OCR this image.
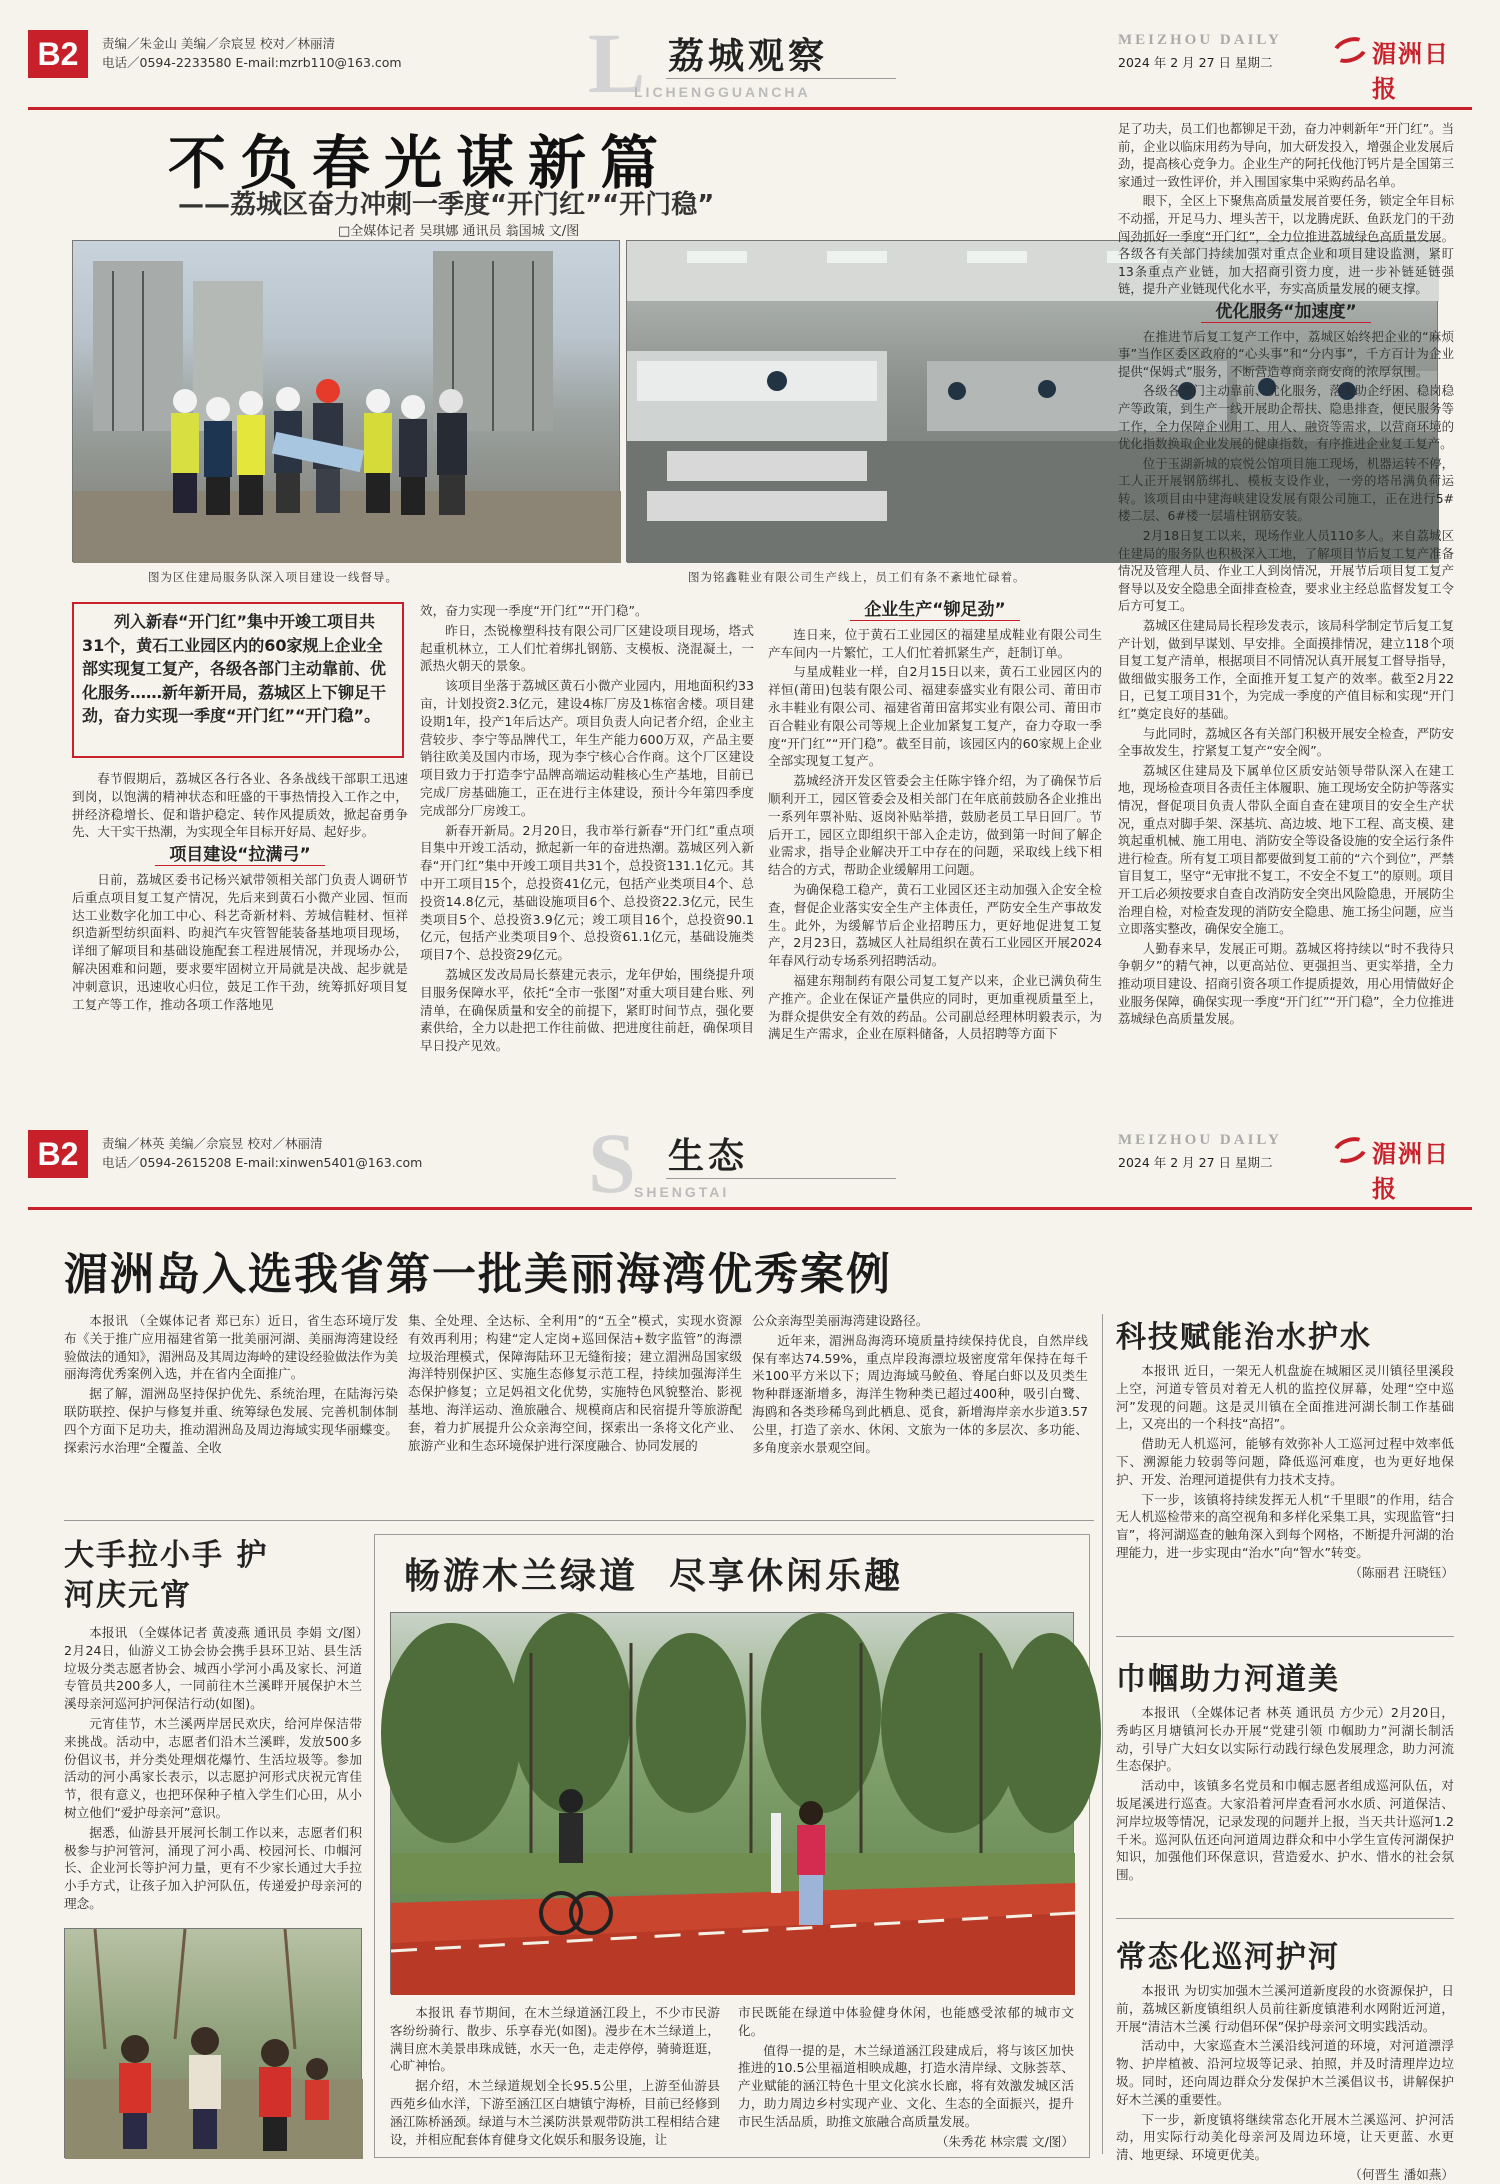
B2	责编／朱金山 美编／佘宸昱 校对／林丽清
电话／0594-2233580 E-mail:mzrb110@163.com L 荔城观察
LICHENGGUANCHA
MEIZHOU DAILY
2024 年 2 月 27 日 星期二	湄洲日报
不负春光谋新篇
——荔城区奋力冲刺一季度“开门红”“开门稳”
□全媒体记者 吴琪娜 通讯员 翁国城 文/图
图为区住建局服务队深入项目建设一线督导。	图为铭鑫鞋业有限公司生产线上，员工们有条不紊地忙碌着。
列入新春“开门红”集中开竣工项目共31个，黄石工业园区内的60家规上企业全部实现复工复产，各级各部门主动靠前、优化服务……新年新开局，荔城区上下铆足干劲，奋力实现一季度“开门红”“开门稳”。

春节假期后，荔城区各行各业、各条战线干部职工迅速到岗，以饱满的精神状态和旺盛的干事热情投入工作之中，拼经济稳增长、促和谐护稳定、转作风提质效，掀起奋勇争先、大干实干热潮，为实现全年目标开好局、起好步。

项目建设“拉满弓”

日前，荔城区委书记杨兴斌带领相关部门负责人调研节后重点项目复工复产情况，先后来到黄石小微产业园、恒而达工业数字化加工中心、科艺奇新材料、芳城信鞋材、恒祥织造新型纺织面料、昀昶汽车灾管智能装备基地项目现场，详细了解项目和基础设施配套工程进展情况，并现场办公，解决困难和问题，要求要牢固树立开局就是决战、起步就是冲刺意识，迅速收心归位，鼓足工作干劲，统筹抓好项目复工复产等工作，推动各项工作落地见

效，奋力实现一季度“开门红”“开门稳”。

昨日，杰锐橡塑科技有限公司厂区建设项目现场，塔式起重机林立，工人们忙着绑扎钢筋、支模板、浇混凝土，一派热火朝天的景象。

该项目坐落于荔城区黄石小微产业园内，用地面积约33亩，计划投资2.3亿元，建设4栋厂房及1栋宿舍楼。项目建设期1年，投产1年后达产。项目负责人向记者介绍，企业主营较步、李宁等品牌代工，年生产能力600万双，产品主要销往欧美及国内市场，现为李宁核心合作商。这个厂区建设项目致力于打造李宁品牌高端运动鞋核心生产基地，目前已完成厂房基础施工，正在进行主体建设，预计今年第四季度完成部分厂房竣工。

新春开新局。2月20日，我市举行新春“开门红”重点项目集中开竣工活动，掀起新一年的奋进热潮。荔城区列入新春“开门红”集中开竣工项目共31个，总投资131.1亿元。其中开工项目15个，总投资41亿元，包括产业类项目4个、总投资14.8亿元，基础设施项目6个、总投资22.3亿元，民生类项目5个、总投资3.9亿元；竣工项目16个，总投资90.1亿元，包括产业类项目9个、总投资61.1亿元，基础设施类项目7个、总投资29亿元。

荔城区发改局局长蔡建元表示，龙年伊始，围绕提升项目服务保障水平，依托“全市一张图”对重大项目建台账、列清单，在确保质量和安全的前提下，紧盯时间节点，强化要素供给，全力以赴把工作往前做、把进度往前赶，确保项目早日投产见效。

企业生产“铆足劲”

连日来，位于黄石工业园区的福建星成鞋业有限公司生产车间内一片繁忙，工人们忙着抓紧生产，赶制订单。

与星成鞋业一样，自2月15日以来，黄石工业园区内的祥恒(莆田)包装有限公司、福建泰盛实业有限公司、莆田市永丰鞋业有限公司、福建省莆田富邦实业有限公司、莆田市百合鞋业有限公司等规上企业加紧复工复产，奋力夺取一季度“开门红”“开门稳”。截至目前，该园区内的60家规上企业全部实现复工复产。

荔城经济开发区管委会主任陈宇锋介绍，为了确保节后顺利开工，园区管委会及相关部门在年底前鼓励各企业推出一系列年票补贴、返岗补贴举措，鼓励老员工早日回厂。节后开工，园区立即组织干部入企走访，做到第一时间了解企业需求，指导企业解决开工中存在的问题，采取线上线下相结合的方式，帮助企业缓解用工问题。

为确保稳工稳产，黄石工业园区还主动加强入企安全检查，督促企业落实安全生产主体责任，严防安全生产事故发生。此外，为缓解节后企业招聘压力，更好地促进复工复产，2月23日，荔城区人社局组织在黄石工业园区开展2024年春风行动专场系列招聘活动。

福建东翔制药有限公司复工复产以来，企业已满负荷生产推产。企业在保证产量供应的同时，更加重视质量至上，为群众提供安全有效的药品。公司副总经理林明毅表示，为满足生产需求，企业在原料储备，人员招聘等方面下

足了功夫，员工们也都铆足干劲，奋力冲刺新年“开门红”。当前，企业以临床用药为导向，加大研发投入，增强企业发展后劲，提高核心竞争力。企业生产的阿托伐他汀钙片是全国第三家通过一致性评价，并入围国家集中采购药品名单。

眼下，全区上下聚焦高质量发展首要任务，锁定全年目标不动摇，开足马力、埋头苦干，以龙腾虎跃、鱼跃龙门的干劲闯劲抓好一季度“开门红”，全力位推进荔城绿色高质量发展。各级各有关部门持续加强对重点企业和项目建设监测，紧盯13条重点产业链，加大招商引资力度，进一步补链延链强链，提升产业链现代化水平，夯实高质量发展的硬支撑。

优化服务“加速度”

在推进节后复工复产工作中，荔城区始终把企业的“麻烦事”当作区委区政府的“心头事”和“分内事”，千方百计为企业提供“保姆式”服务，不断营造尊商亲商安商的浓厚氛围。

各级各部门主动靠前、优化服务，落实助企纾困、稳岗稳产等政策，到生产一线开展助企帮扶、隐患排查，便民服务等工作，全力保障企业用工、用人、融资等需求，以营商环境的优化指数换取企业发展的健康指数，有序推进企业复工复产。

位于玉湖新城的宸悦公馆项目施工现场，机器运转不停，工人正开展钢筋绑扎、模板支设作业，一旁的塔吊满负荷运转。该项目由中建海峡建设发展有限公司施工，正在进行5#楼二层、6#楼一层墙柱钢筋安装。

2月18日复工以来，现场作业人员110多人。来自荔城区住建局的服务队也积极深入工地，了解项目节后复工复产准备情况及管理人员、作业工人到岗情况，开展节后项目复工复产督导以及安全隐患全面排查检查，要求业主经总监督发复工令后方可复工。

荔城区住建局局长程珍发表示，该局科学制定节后复工复产计划，做到早谋划、早安排。全面摸排情况，建立118个项目复工复产清单，根据项目不同情况认真开展复工督导指导，做细做实服务工作，全面推开复工复产的效率。截至2月22日，已复工项目31个，为完成一季度的产值目标和实现“开门红”奠定良好的基础。

与此同时，荔城区各有关部门积极开展安全检查，严防安全事故发生，拧紧复工复产“安全阀”。

荔城区住建局及下属单位区质安站领导带队深入在建工地，现场检查项目各责任主体履职、施工现场安全防护等落实情况，督促项目负责人带队全面自查在建项目的安全生产状况，重点对脚手架、深基坑、高边坡、地下工程、高支模、建筑起重机械、施工用电、消防安全等设备设施的安全运行条件进行检查。所有复工项目都要做到复工前的“六个到位”，严禁盲目复工，坚守“无审批不复工，不安全不复工”的原则。项目开工后必须按要求自查自改消防安全突出风险隐患，开展防尘治理自检，对检查发现的消防安全隐患、施工扬尘问题，应当立即落实整改，确保安全施工。

人勤春来早，发展正可期。荔城区将持续以“时不我待只争朝夕”的精气神，以更高站位、更强担当、更实举措，全力推动项目建设、招商引资各项工作提质提效，用心用情做好企业服务保障，确保实现一季度“开门红”“开门稳”，全力位推进荔城绿色高质量发展。

B2	责编／林英 美编／佘宸昱 校对／林丽清
电话／0594-2615208 E-mail:xinwen5401@163.com S 生态
SHENGTAI
MEIZHOU DAILY
2024 年 2 月 27 日 星期二	湄洲日报
湄洲岛入选我省第一批美丽海湾优秀案例

本报讯 （全媒体记者 郑已东）近日，省生态环境厅发布《关于推广应用福建省第一批美丽河湖、美丽海湾建设经验做法的通知》，湄洲岛及其周边海岭的建设经验做法作为美丽海湾优秀案例入选，并在省内全面推广。

据了解，湄洲岛坚持保护优先、系统治理，在陆海污染联防联控、保护与修复并重、统筹绿色发展、完善机制体制四个方面下足功夫，推动湄洲岛及周边海域实现华丽蝶变。探索污水治理“全覆盖、全收

集、全处理、全达标、全利用”的“五全”模式，实现水资源有效再利用；构建“定人定岗+巡回保洁+数字监管”的海漂垃圾治理模式，保障海陆环卫无缝衔接；建立湄洲岛国家级海洋特别保护区、实施生态修复示范工程，持续加强海洋生态保护修复；立足妈祖文化优势，实施特色风貌整治、影视基地、海洋运动、渔旅融合、规模商店和民宿提升等旅游配套，着力扩展提升公众亲海空间，探索出一条将文化产业、旅游产业和生态环境保护进行深度融合、协同发展的

公众亲海型美丽海湾建设路径。

近年来，湄洲岛海湾环境质量持续保持优良，自然岸线保有率达74.59%，重点岸段海漂垃圾密度常年保持在每千米100平方米以下；周边海域马鲛鱼、脊尾白虾以及贝类生物种群逐渐增多，海洋生物种类已超过400种，吸引白鹭、海鸥和各类珍稀鸟到此栖息、觅食，新增海岸亲水步道3.57公里，打造了亲水、休闲、文旅为一体的多层次、多功能、多角度亲水景观空间。

科技赋能治水护水

本报讯 近日，一架无人机盘旋在城厢区灵川镇径里溪段上空，河道专管员对着无人机的监控仪屏幕，处理“空中巡河”发现的问题。这是灵川镇在全面推进河湖长制工作基础上，又亮出的一个科技“高招”。

借助无人机巡河，能够有效弥补人工巡河过程中效率低下、溯源能力较弱等问题，降低巡河难度，也为更好地保护、开发、治理河道提供有力技术支持。

下一步，该镇将持续发挥无人机“千里眼”的作用，结合无人机巡检带来的高空视角和多样化采集工具，实现监管“扫盲”，将河湖巡查的触角深入到每个网格，不断提升河湖的治理能力，进一步实现由“治水”向“智水”转变。

（陈丽君 汪晓钰）
巾帼助力河道美

本报讯 （全媒体记者 林英 通讯员 方少元）2月20日，秀屿区月塘镇河长办开展“党建引领 巾帼助力”河湖长制活动，引导广大妇女以实际行动践行绿色发展理念，助力河流生态保护。

活动中，该镇多名党员和巾帼志愿者组成巡河队伍，对坂尾溪进行巡查。大家沿着河岸查看河水水质、河道保洁、河岸垃圾等情况，记录发现的问题并上报，当天共计巡河1.2千米。巡河队伍还向河道周边群众和中小学生宣传河湖保护知识，加强他们环保意识，营造爱水、护水、惜水的社会氛围。

常态化巡河护河

本报讯 为切实加强木兰溪河道新度段的水资源保护，日前，荔城区新度镇组织人员前往新度镇港利水网附近河道，开展“清洁木兰溪 行动倡环保”保护母亲河文明实践活动。

活动中，大家巡查木兰溪沿线河道的环境，对河道漂浮物、护岸植被、沿河垃圾等记录、拍照，并及时清理岸边垃圾。同时，还向周边群众分发保护木兰溪倡议书，讲解保护好木兰溪的重要性。

下一步，新度镇将继续常态化开展木兰溪巡河、护河活动，用实际行动美化母亲河及周边环境，让天更蓝、水更清、地更绿、环境更优美。

（何晋生 潘如燕）
大手拉小手 护河庆元宵

本报讯 （全媒体记者 黄凌燕 通讯员 李娟 文/图）2月24日，仙游义工协会协会携手县环卫站、县生活垃圾分类志愿者协会、城西小学河小禹及家长、河道专管员共200多人，一同前往木兰溪畔开展保护木兰溪母亲河巡河护河保洁行动(如图)。

元宵佳节，木兰溪两岸居民欢庆，给河岸保洁带来挑战。活动中，志愿者们沿木兰溪畔，发放500多份倡议书，并分类处理烟花爆竹、生活垃圾等。参加活动的河小禹家长表示，以志愿护河形式庆祝元宵佳节，很有意义，也把环保种子植入学生们心田，从小树立他们“爱护母亲河”意识。

据悉，仙游县开展河长制工作以来，志愿者们积极参与护河管河，涌现了河小禹、校园河长、巾帼河长、企业河长等护河力量，更有不少家长通过大手拉小手方式，让孩子加入护河队伍，传递爱护母亲河的理念。

畅游木兰绿道  尽享休闲乐趣

本报讯 春节期间，在木兰绿道涵江段上，不少市民游客纷纷骑行、散步、乐享春光(如图)。漫步在木兰绿道上，满目庶木美景串珠成链，水天一色，走走停停，骑骑逛逛，心旷神怡。

据介绍，木兰绿道规划全长95.5公里，上游至仙游县西苑乡仙水洋，下游至涵江区白塘镇宁海桥，目前已经修到涵江陈桥涵颈。绿道与木兰溪防洪景观带防洪工程相结合建设，并相应配套体育健身文化娱乐和服务设施，让

市民既能在绿道中体验健身休闲，也能感受浓郁的城市文化。

值得一提的是，木兰绿道涵江段建成后，将与该区加快推进的10.5公里福道相映成趣，打造水清岸绿、文脉荟萃、产业赋能的涵江特色十里文化滨水长廊，将有效激发城区活力，助力周边乡村实现产业、文化、生态的全面振兴，提升市民生活品质，助推文旅融合高质量发展。

（朱秀花 林宗震 文/图）
